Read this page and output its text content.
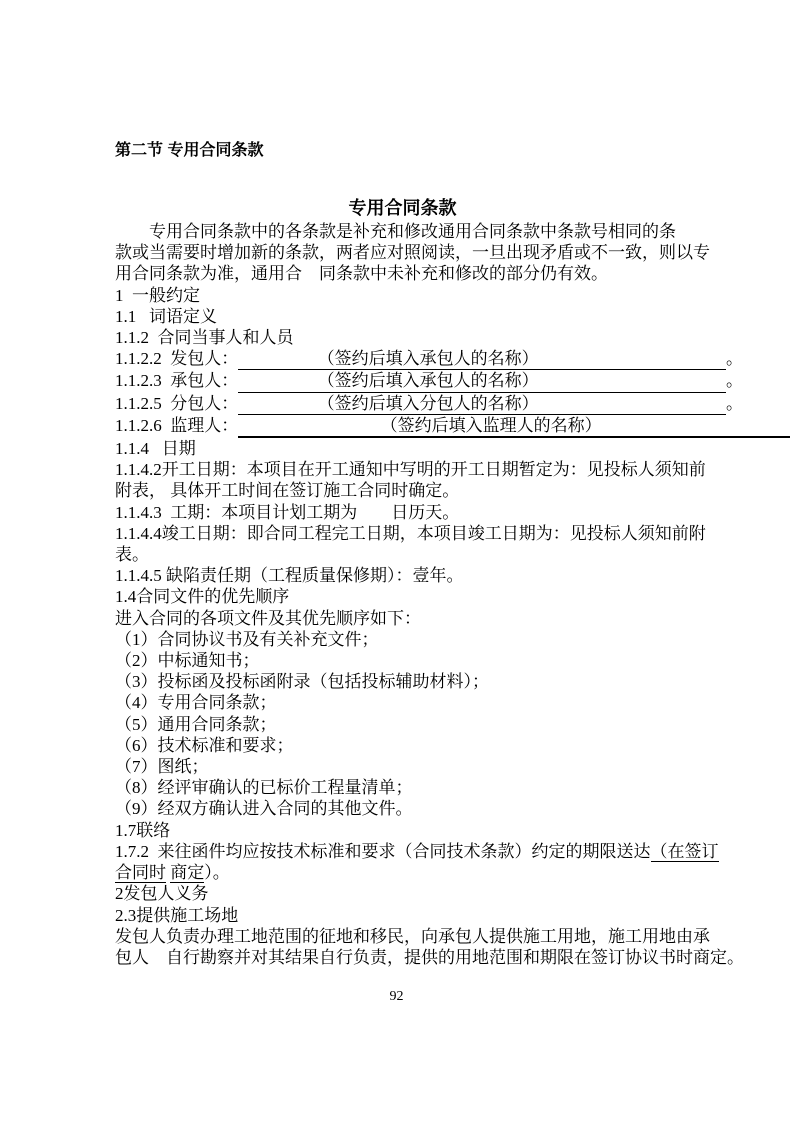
第二节 专用合同条款
专用合同条款
　　专用合同条款中的各条款是补充和修改通用合同条款中条款号相同的条
款或当需要时增加新的条款，两者应对照阅读，一旦出现矛盾或不一致，则以专
用合同条款为准，通用合　同条款中未补充和修改的部分仍有效。
1  一般约定
1.1   词语定义
1.1.2  合同当事人和人员
1.1.2.2  发包人：	（签约后填入承包人的名称）	。
1.1.2.3  承包人：	（签约后填入承包人的名称）	。
1.1.2.5  分包人：	（签约后填入分包人的名称）	。
1.1.2.6  监理人：	（签约后填入监理人的名称）
1.1.4   日期
1.1.4.2开工日期：本项目在开工通知中写明的开工日期暂定为：见投标人须知前
附表， 具体开工时间在签订施工合同时确定。
1.1.4.3  工期：本项目计划工期为　　日历天。
1.1.4.4竣工日期：即合同工程完工日期，本项目竣工日期为：见投标人须知前附
表。
1.1.4.5 缺陷责任期（工程质量保修期）：壹年。
1.4合同文件的优先顺序
进入合同的各项文件及其优先顺序如下：
（1）合同协议书及有关补充文件；
（2）中标通知书；
（3）投标函及投标函附录（包括投标辅助材料）；
（4）专用合同条款；
（5）通用合同条款；
（6）技术标准和要求；
（7）图纸；
（8）经评审确认的已标价工程量清单；
（9）经双方确认进入合同的其他文件。
1.7联络
1.7.2  来往函件均应按技术标准和要求（合同技术条款）约定的期限送达（在签订
合同时 商定）。
2发包人义务
2.3提供施工场地
发包人负责办理工地范围的征地和移民，向承包人提供施工用地，施工用地由承
包人　自行勘察并对其结果自行负责，提供的用地范围和期限在签订协议书时商定。
92
